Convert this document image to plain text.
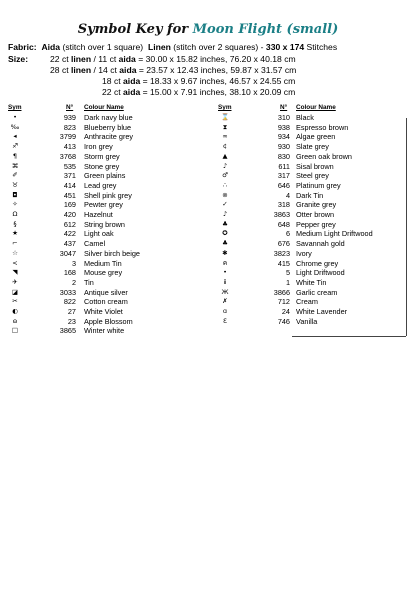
Symbol Key for Moon Flight (small)
Fabric: Aida (stitch over 1 square) Linen (stitch over 2 squares) - 330 x 174 Stitches
Size:	22 ct linen / 11 ct aida = 30.00 x 15.82 inches, 76.20 x 40.18 cm
28 ct linen / 14 ct aida = 23.57 x 12.43 inches, 59.87 x 31.57 cm
18 ct aida = 18.33 x 9.67 inches, 46.57 x 24.55 cm
22 ct aida = 15.00 x 7.91 inches, 38.10 x 20.09 cm
Sym	N° Colour Name
•	939 Dark navy blue
‰	823 Blueberry blue
◂	3799 Anthracite grey
♐	413 Iron grey
¶	3768 Storm grey
⌘	535 Stone grey
✐	371 Green plains
♉	414 Lead grey
◘	451 Shell pink grey
✧	169 Pewter grey
Ω	420 Hazelnut
§	612 String brown
★	422 Light oak
⌐	437 Camel
☆	3047 Silver birch beige
<	3 Medium Tin
◥	168 Mouse grey
✈	2 Tin
◪	3033 Antique silver
✂	822 Cotton cream
◐	27 White Violet
ɷ	23 Apple Blossom
□	3865 Winter white
Sym	N° Colour Name
⌛	310 Black
⧗	938 Espresso brown
∞	934 Algae green
¢	930 Slate grey
▲	830 Green oak brown
♪	611 Sisal brown
♂	317 Steel grey
∴	646 Platinum grey
⊚	4 Dark Tin
✓	318 Granite grey
♪	3863 Otter brown
♣	648 Pepper grey
✪	6 Medium Light Driftwood
♣	676 Savannah gold
✱	3823 Ivory
ค	415 Chrome grey
•	5 Light Driftwood
ⅱ	1 White Tin
Ж	3866 Garlic cream
✗	712 Cream
ɑ	24 White Lavender
Ɛ	746 Vanilla
